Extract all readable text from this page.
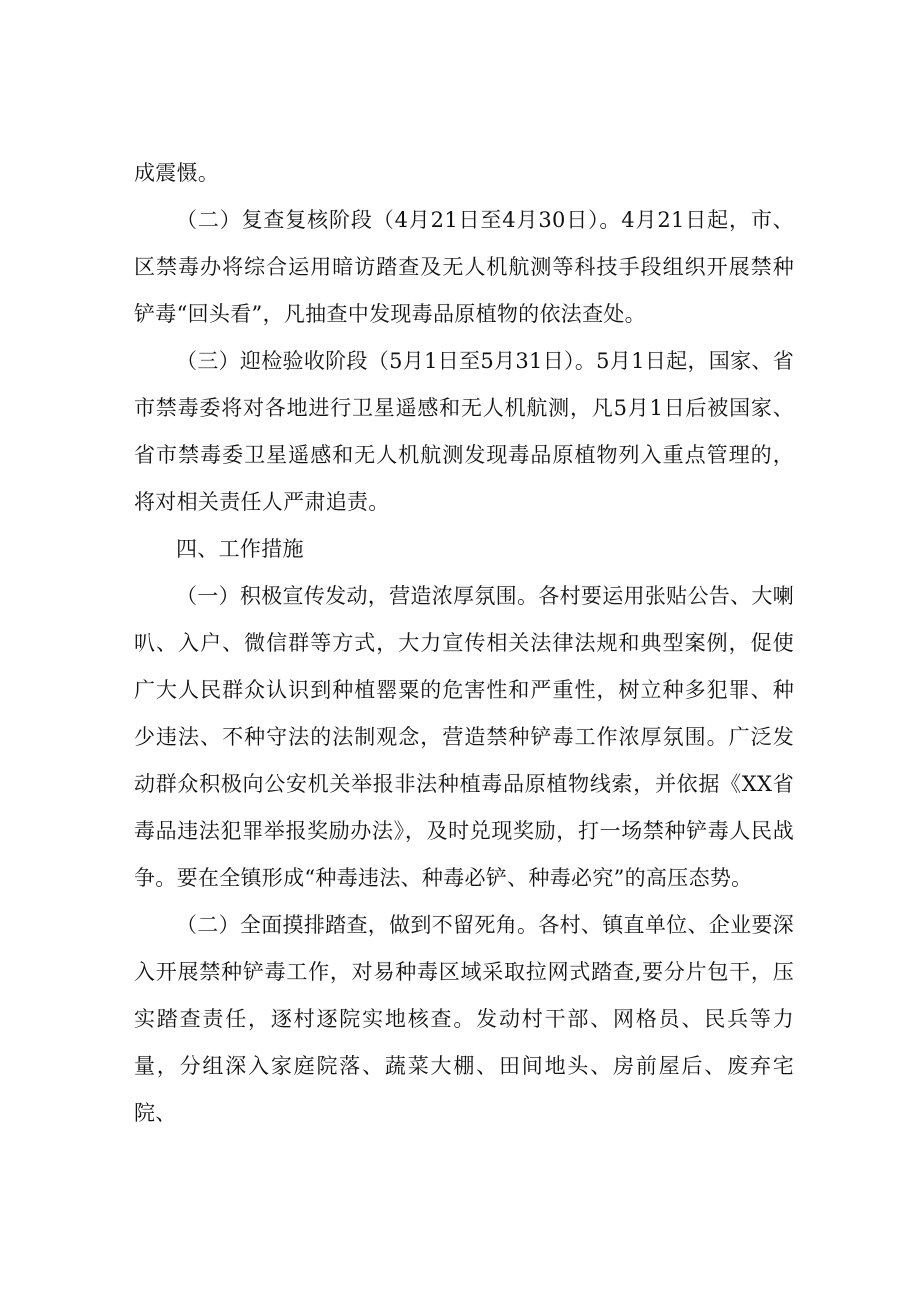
成震慑。

（二）复查复核阶段（4月21日至4月30日）。4月21日起，市、区禁毒办将综合运用暗访踏查及无人机航测等科技手段组织开展禁种铲毒“回头看”，凡抽查中发现毒品原植物的依法查处。

（三）迎检验收阶段（5月1日至5月31日）。5月1日起，国家、省市禁毒委将对各地进行卫星遥感和无人机航测，凡5月1日后被国家、省市禁毒委卫星遥感和无人机航测发现毒品原植物列入重点管理的，将对相关责任人严肃追责。

四、工作措施

（一）积极宣传发动，营造浓厚氛围。各村要运用张贴公告、大喇叭、入户、微信群等方式，大力宣传相关法律法规和典型案例，促使广大人民群众认识到种植罂粟的危害性和严重性，树立种多犯罪、种少违法、不种守法的法制观念，营造禁种铲毒工作浓厚氛围。广泛发动群众积极向公安机关举报非法种植毒品原植物线索，并依据《XX省毒品违法犯罪举报奖励办法》，及时兑现奖励，打一场禁种铲毒人民战争。要在全镇形成“种毒违法、种毒必铲、种毒必究”的高压态势。

（二）全面摸排踏查，做到不留死角。各村、镇直单位、企业要深入开展禁种铲毒工作，对易种毒区域采取拉网式踏查,要分片包干，压实踏查责任，逐村逐院实地核查。发动村干部、网格员、民兵等力量，分组深入家庭院落、蔬菜大棚、田间地头、房前屋后、废弃宅院、
